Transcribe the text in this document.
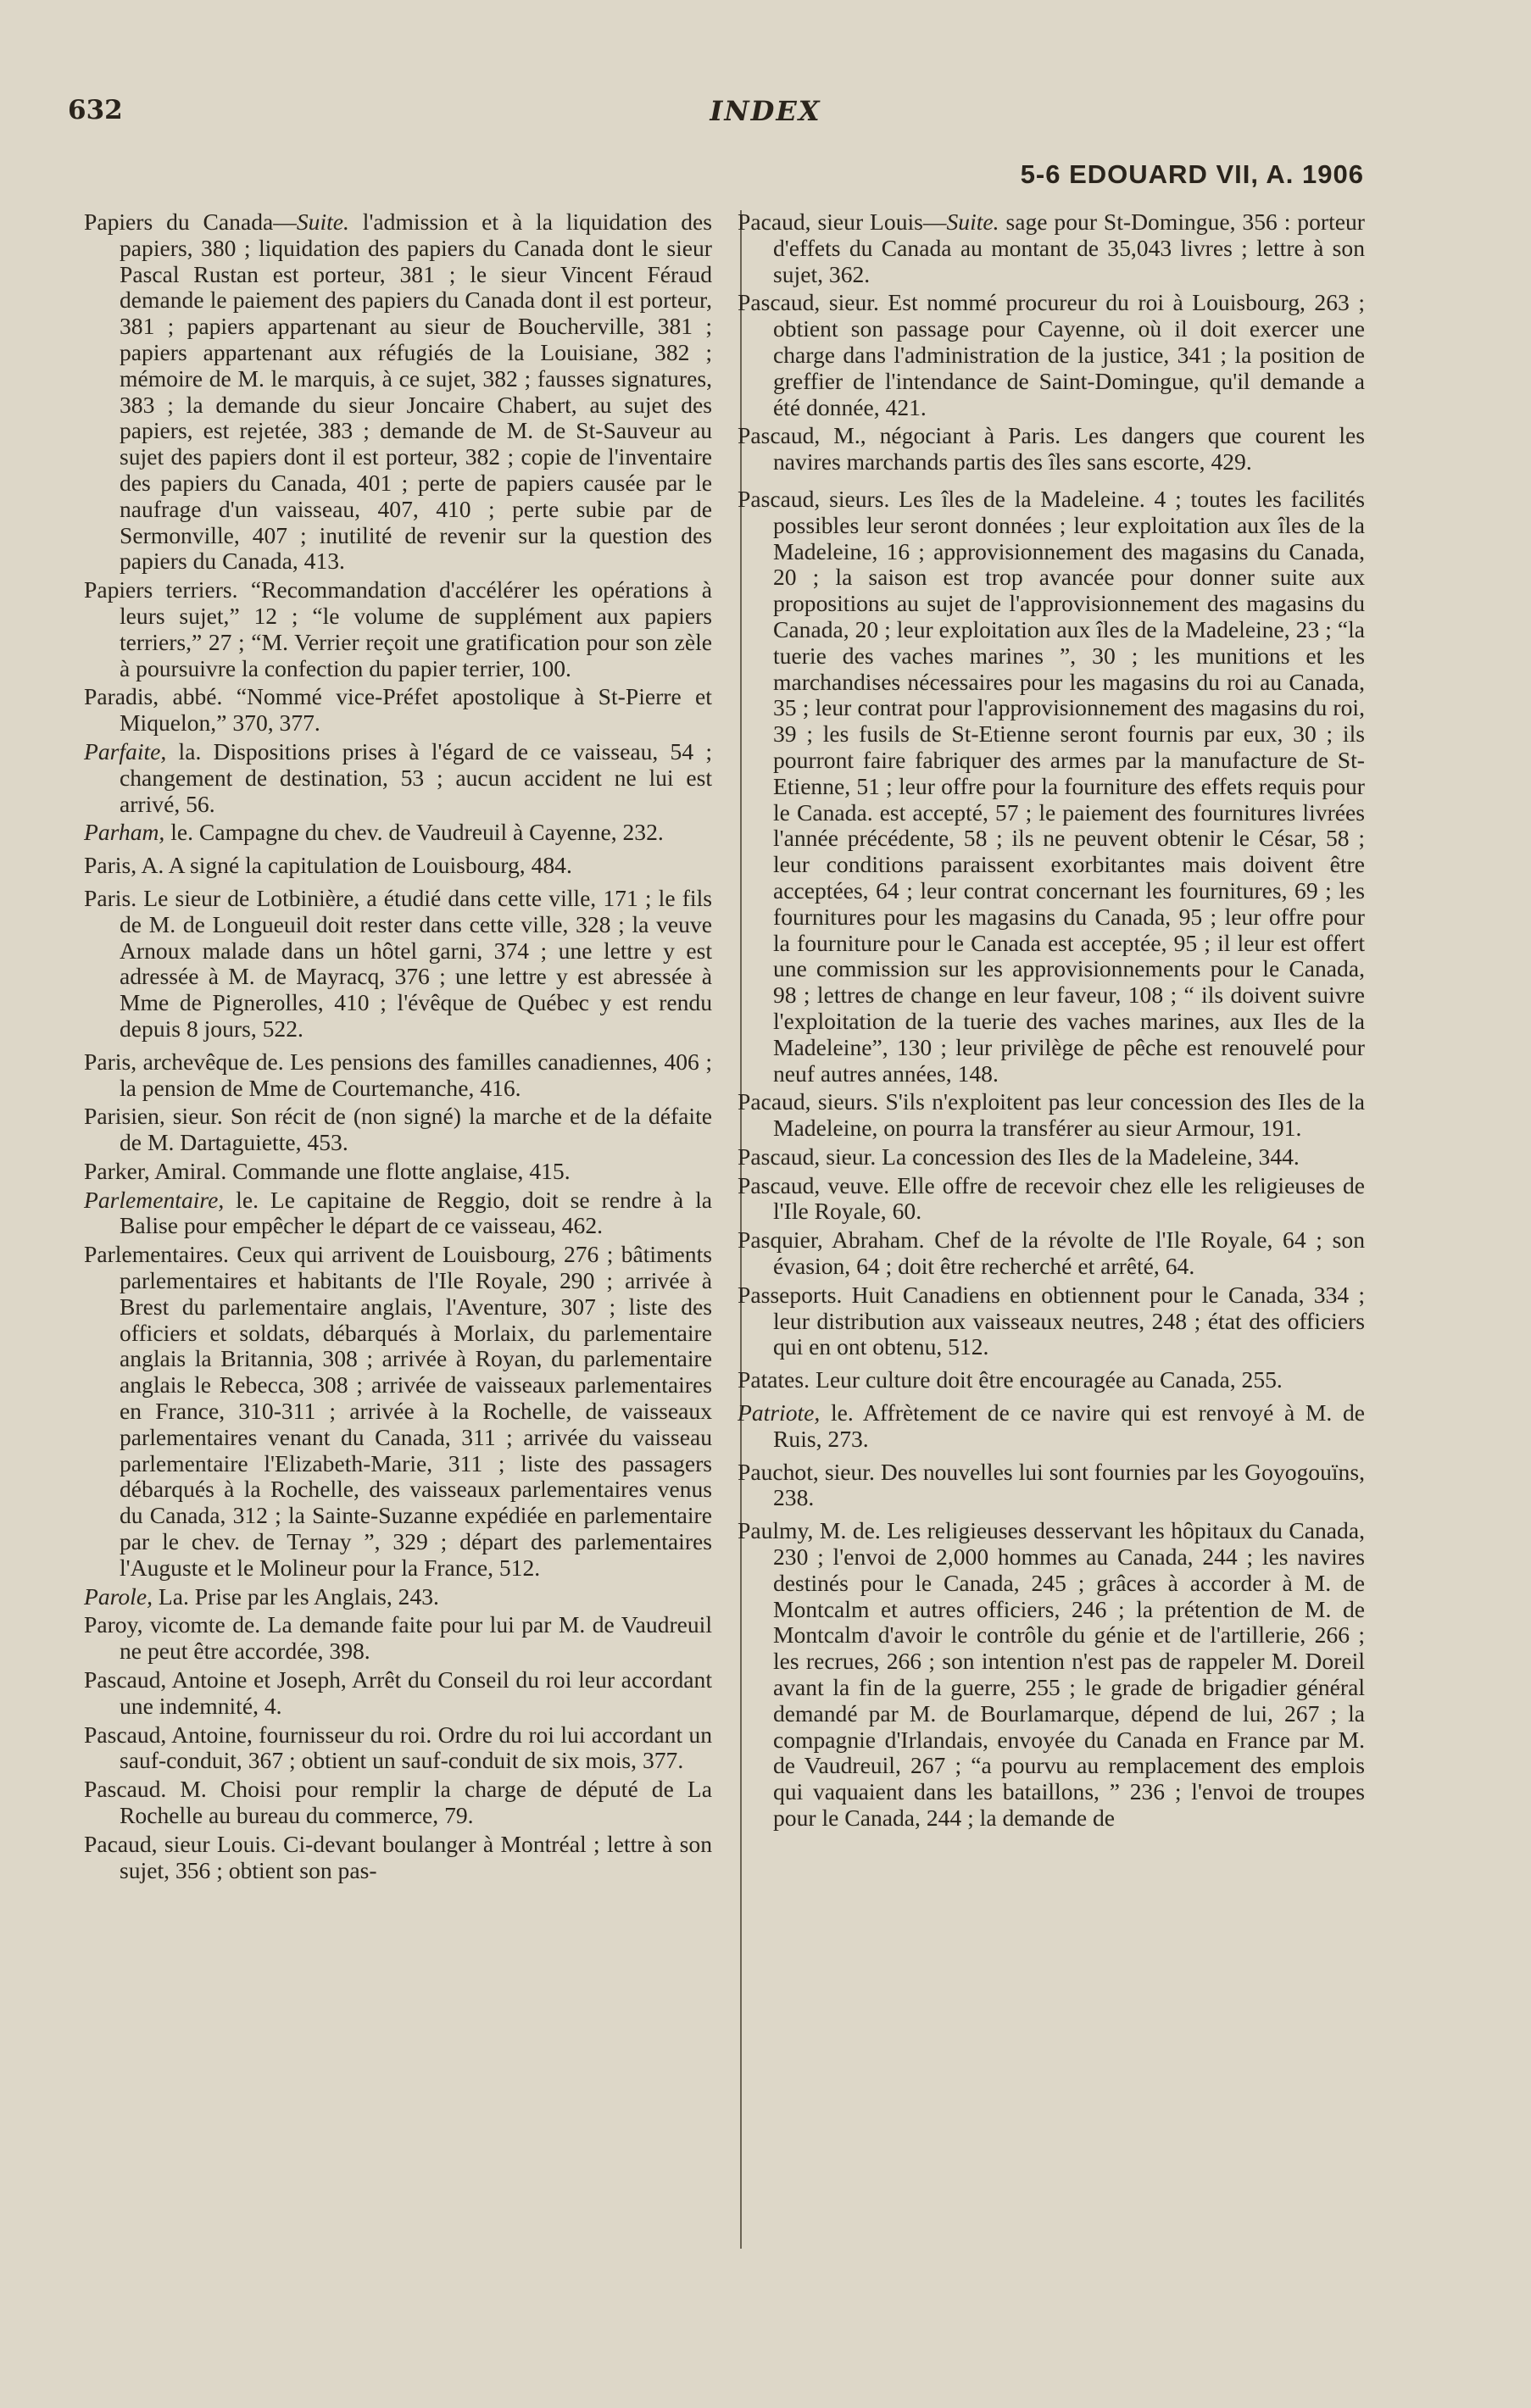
632	INDEX
5-6 EDOUARD VII, A. 1906

Papiers du Canada—Suite. l'admission et à la liquidation des papiers, 380 ; liquidation des papiers du Canada dont le sieur Pascal Rustan est porteur, 381 ; le sieur Vincent Féraud demande le paiement des papiers du Canada dont il est porteur, 381 ; papiers appartenant au sieur de Boucherville, 381 ; papiers appartenant aux réfugiés de la Louisiane, 382 ; mémoire de M. le marquis, à ce sujet, 382 ; fausses signatures, 383 ; la demande du sieur Joncaire Chabert, au sujet des papiers, est rejetée, 383 ; demande de M. de St-Sauveur au sujet des papiers dont il est porteur, 382 ; copie de l'inventaire des papiers du Canada, 401 ; perte de papiers causée par le naufrage d'un vaisseau, 407, 410 ; perte subie par de Sermonville, 407 ; inutilité de revenir sur la question des papiers du Canada, 413.

Papiers terriers. “Recommandation d'accélérer les opérations à leurs sujet,” 12 ; “le volume de supplément aux papiers terriers,” 27 ; “M. Verrier reçoit une gratification pour son zèle à poursuivre la confection du papier terrier, 100.

Paradis, abbé. “Nommé vice-Préfet apostolique à St-Pierre et Miquelon,” 370, 377.

Parfaite, la. Dispositions prises à l'égard de ce vaisseau, 54 ; changement de destination, 53 ; aucun accident ne lui est arrivé, 56.

Parham, le. Campagne du chev. de Vaudreuil à Cayenne, 232.

Paris, A. A signé la capitulation de Louisbourg, 484.

Paris. Le sieur de Lotbinière, a étudié dans cette ville, 171 ; le fils de M. de Longueuil doit rester dans cette ville, 328 ; la veuve Arnoux malade dans un hôtel garni, 374 ; une lettre y est adressée à M. de Mayracq, 376 ; une lettre y est abressée à Mme de Pignerolles, 410 ; l'évêque de Québec y est rendu depuis 8 jours, 522.

Paris, archevêque de. Les pensions des familles canadiennes, 406 ; la pension de Mme de Courtemanche, 416.

Parisien, sieur. Son récit de (non signé) la marche et de la défaite de M. Dartaguiette, 453.

Parker, Amiral. Commande une flotte anglaise, 415.

Parlementaire, le. Le capitaine de Reggio, doit se rendre à la Balise pour empêcher le départ de ce vaisseau, 462.

Parlementaires. Ceux qui arrivent de Louisbourg, 276 ; bâtiments parlementaires et habitants de l'Ile Royale, 290 ; arrivée à Brest du parlementaire anglais, l'Aventure, 307 ; liste des officiers et soldats, débarqués à Morlaix, du parlementaire anglais la Britannia, 308 ; arrivée à Royan, du parlementaire anglais le Rebecca, 308 ; arrivée de vaisseaux parlementaires en France, 310-311 ; arrivée à la Rochelle, de vaisseaux parlementaires venant du Canada, 311 ; arrivée du vaisseau parlementaire l'Elizabeth-Marie, 311 ; liste des passagers débarqués à la Rochelle, des vaisseaux parlementaires venus du Canada, 312 ; la Sainte-Suzanne expédiée en parlementaire par le chev. de Ternay ”, 329 ; départ des parlementaires l'Auguste et le Molineur pour la France, 512.

Parole, La. Prise par les Anglais, 243.

Paroy, vicomte de. La demande faite pour lui par M. de Vaudreuil ne peut être accordée, 398.

Pascaud, Antoine et Joseph, Arrêt du Conseil du roi leur accordant une indemnité, 4.

Pascaud, Antoine, fournisseur du roi. Ordre du roi lui accordant un sauf-conduit, 367 ; obtient un sauf-conduit de six mois, 377.

Pascaud. M. Choisi pour remplir la charge de député de La Rochelle au bureau du commerce, 79.

Pacaud, sieur Louis. Ci-devant boulanger à Montréal ; lettre à son sujet, 356 ; obtient son pas-

Pacaud, sieur Louis—Suite. sage pour St-Domingue, 356 : porteur d'effets du Canada au montant de 35,043 livres ; lettre à son sujet, 362.

Pascaud, sieur. Est nommé procureur du roi à Louisbourg, 263 ; obtient son passage pour Cayenne, où il doit exercer une charge dans l'administration de la justice, 341 ; la position de greffier de l'intendance de Saint-Domingue, qu'il demande a été donnée, 421.

Pascaud, M., négociant à Paris. Les dangers que courent les navires marchands partis des îles sans escorte, 429.

Pascaud, sieurs. Les îles de la Madeleine. 4 ; toutes les facilités possibles leur seront données ; leur exploitation aux îles de la Madeleine, 16 ; approvisionnement des magasins du Canada, 20 ; la saison est trop avancée pour donner suite aux propositions au sujet de l'approvisionnement des magasins du Canada, 20 ; leur exploitation aux îles de la Madeleine, 23 ; “la tuerie des vaches marines ”, 30 ; les munitions et les marchandises nécessaires pour les magasins du roi au Canada, 35 ; leur contrat pour l'approvisionnement des magasins du roi, 39 ; les fusils de St-Etienne seront fournis par eux, 30 ; ils pourront faire fabriquer des armes par la manufacture de St-Etienne, 51 ; leur offre pour la fourniture des effets requis pour le Canada. est accepté, 57 ; le paiement des fournitures livrées l'année précédente, 58 ; ils ne peuvent obtenir le César, 58 ; leur conditions paraissent exorbitantes mais doivent être acceptées, 64 ; leur contrat concernant les fournitures, 69 ; les fournitures pour les magasins du Canada, 95 ; leur offre pour la fourniture pour le Canada est acceptée, 95 ; il leur est offert une commission sur les approvisionnements pour le Canada, 98 ; lettres de change en leur faveur, 108 ; “ ils doivent suivre l'exploitation de la tuerie des vaches marines, aux Iles de la Madeleine”, 130 ; leur privilège de pêche est renouvelé pour neuf autres années, 148.

Pacaud, sieurs. S'ils n'exploitent pas leur concession des Iles de la Madeleine, on pourra la transférer au sieur Armour, 191.

Pascaud, sieur. La concession des Iles de la Madeleine, 344.

Pascaud, veuve. Elle offre de recevoir chez elle les religieuses de l'Ile Royale, 60.

Pasquier, Abraham. Chef de la révolte de l'Ile Royale, 64 ; son évasion, 64 ; doit être recherché et arrêté, 64.

Passeports. Huit Canadiens en obtiennent pour le Canada, 334 ; leur distribution aux vaisseaux neutres, 248 ; état des officiers qui en ont obtenu, 512.

Patates. Leur culture doit être encouragée au Canada, 255.

Patriote, le. Affrètement de ce navire qui est renvoyé à M. de Ruis, 273.

Pauchot, sieur. Des nouvelles lui sont fournies par les Goyogouïns, 238.

Paulmy, M. de. Les religieuses desservant les hôpitaux du Canada, 230 ; l'envoi de 2,000 hommes au Canada, 244 ; les navires destinés pour le Canada, 245 ; grâces à accorder à M. de Montcalm et autres officiers, 246 ; la prétention de M. de Montcalm d'avoir le contrôle du génie et de l'artillerie, 266 ; les recrues, 266 ; son intention n'est pas de rappeler M. Doreil avant la fin de la guerre, 255 ; le grade de brigadier général demandé par M. de Bourlamarque, dépend de lui, 267 ; la compagnie d'Irlandais, envoyée du Canada en France par M. de Vaudreuil, 267 ; “a pourvu au remplacement des emplois qui vaquaient dans les bataillons, ” 236 ; l'envoi de troupes pour le Canada, 244 ; la demande de
